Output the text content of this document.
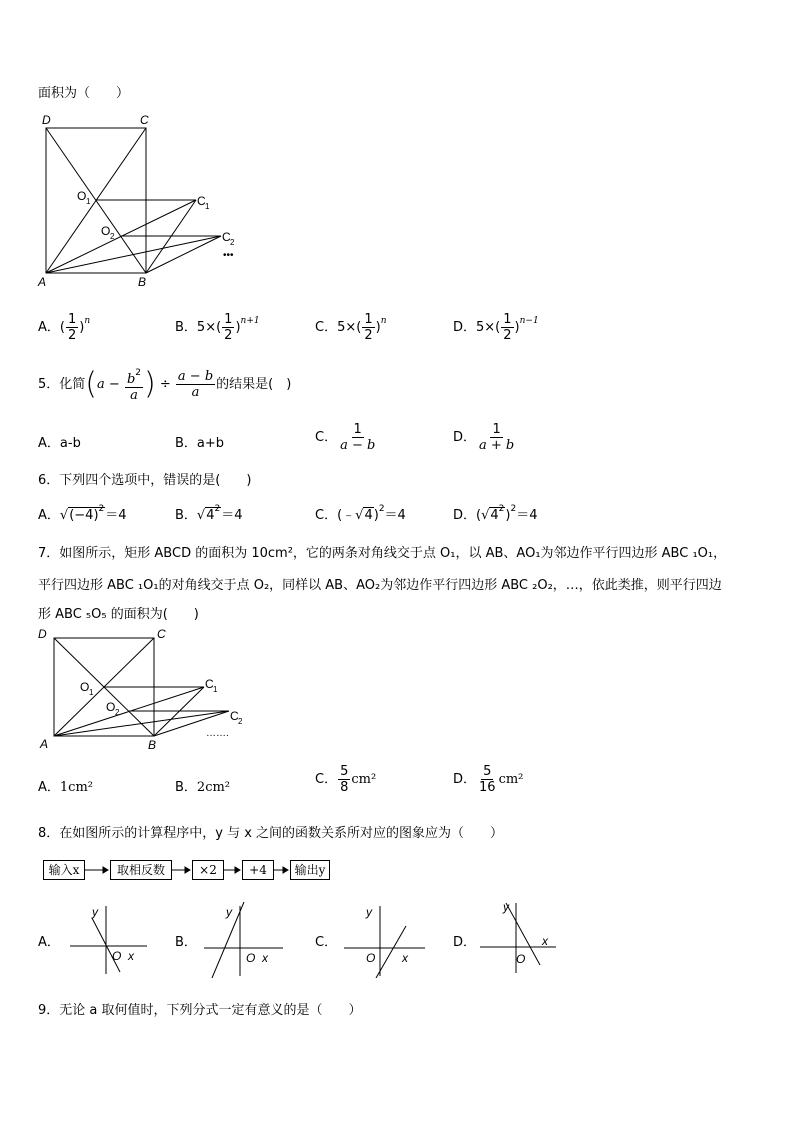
面积为（　　）
D	C
A	B
O 1
O 2
C 1
C 2
•••
A．( $\frac{1}{2} )^n$	B．$5\times( \frac{1}{2} )^{n+1}$	C．$5\times( \frac{1}{2} )^n$	D．$5\times( \frac{1}{2} )^{n-1}$
5．化简($a - \frac{b^2}{a}$ ) ÷ $\frac{a - b}{a}$ 的结果是(　)
A．a-b	B．a+b	C． $\frac{1}{a - b}$	D． $\frac{1}{a + b}$
6．下列四个选项中，错误的是(　　)
A．$√(-4)^2=4$	B．$√4^2=4$	C．(﹣√4)$^2$＝4	D．$(√4^2)^2=4$
7．如图所示，矩形 ABCD 的面积为 10cm²，它的两条对角线交于点 O₁，以 AB、AO₁为邻边作平行四边形 ABC ₁O₁，
平行四边形 ABC ₁O₁的对角线交于点 O₂，同样以 AB、AO₂为邻边作平行四边形 ABC ₂O₂，…，依此类推，则平行四边
形 ABC ₅O₅ 的面积为(　　)
D	C
A	B
O 1
O 2
C 1
C 2
…….
A．1cm²	B．2cm²
C． $\frac{5}{8} cm^2$	D． $\frac{5}{16} cm^2$
8．在如图所示的计算程序中，y 与 x 之间的函数关系所对应的图象应为（　　）
输入x	取相反数	×2	+4	输出y
A．
y
O x
B．
y
O x
C．
y
O x
D．
y
O
x
9．无论 a 取何值时，下列分式一定有意义的是（　　）
